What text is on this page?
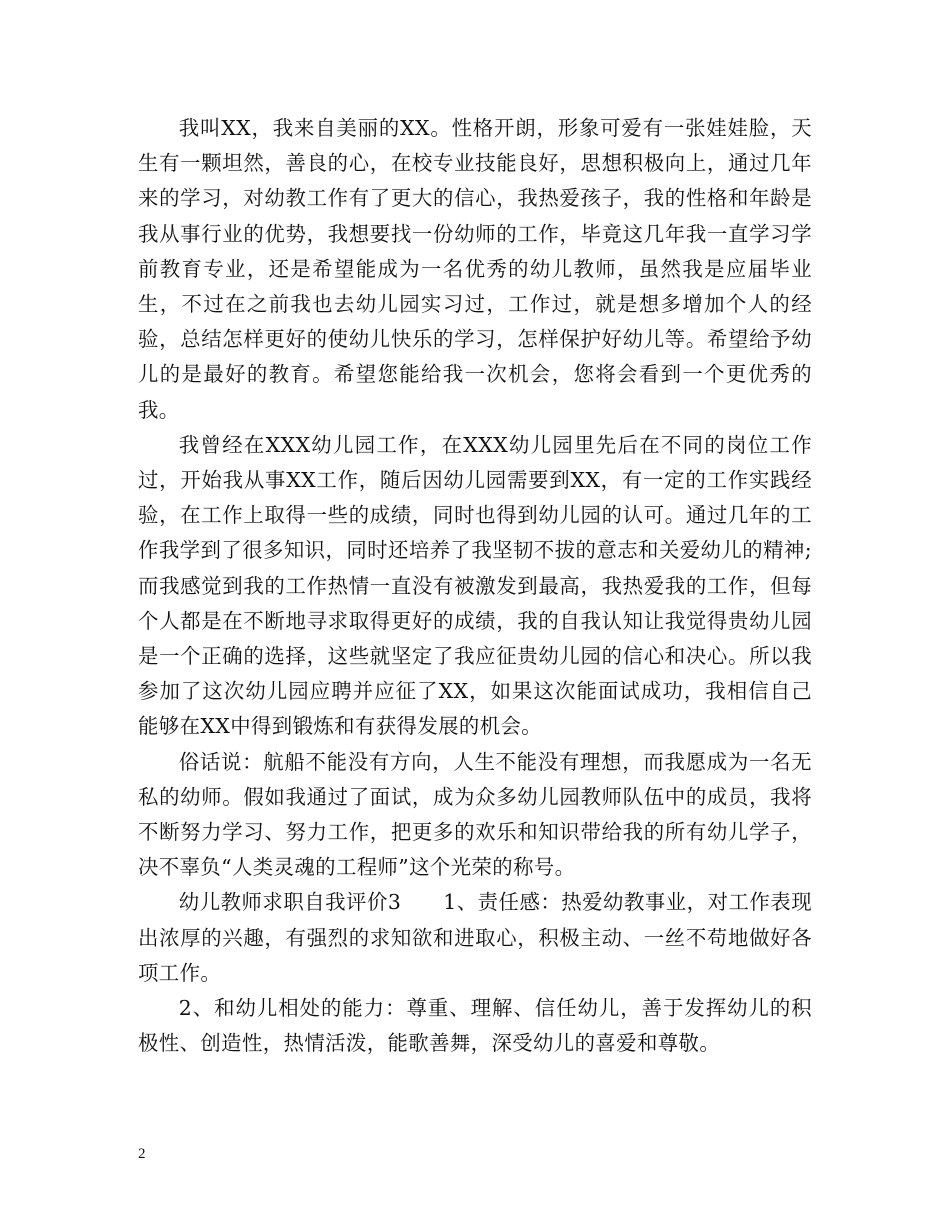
我叫XX，我来自美丽的XX。性格开朗，形象可爱有一张娃娃脸，天生有一颗坦然，善良的心，在校专业技能良好，思想积极向上，通过几年来的学习，对幼教工作有了更大的信心，我热爱孩子，我的性格和年龄是我从事行业的优势，我想要找一份幼师的工作，毕竟这几年我一直学习学前教育专业，还是希望能成为一名优秀的幼儿教师，虽然我是应届毕业生，不过在之前我也去幼儿园实习过，工作过，就是想多增加个人的经验，总结怎样更好的使幼儿快乐的学习，怎样保护好幼儿等。希望给予幼儿的是最好的教育。希望您能给我一次机会，您将会看到一个更优秀的我。

我曾经在XXX幼儿园工作，在XXX幼儿园里先后在不同的岗位工作过，开始我从事XX工作，随后因幼儿园需要到XX，有一定的工作实践经验，在工作上取得一些的成绩，同时也得到幼儿园的认可。通过几年的工作我学到了很多知识，同时还培养了我坚韧不拔的意志和关爱幼儿的精神;而我感觉到我的工作热情一直没有被激发到最高，我热爱我的工作，但每个人都是在不断地寻求取得更好的成绩，我的自我认知让我觉得贵幼儿园是一个正确的选择，这些就坚定了我应征贵幼儿园的信心和决心。所以我参加了这次幼儿园应聘并应征了XX，如果这次能面试成功，我相信自己能够在XX中得到锻炼和有获得发展的机会。

俗话说：航船不能没有方向，人生不能没有理想，而我愿成为一名无私的幼师。假如我通过了面试，成为众多幼儿园教师队伍中的成员，我将不断努力学习、努力工作，把更多的欢乐和知识带给我的所有幼儿学子，决不辜负“人类灵魂的工程师”这个光荣的称号。

幼儿教师求职自我评价3 1、责任感：热爱幼教事业，对工作表现出浓厚的兴趣，有强烈的求知欲和进取心，积极主动、一丝不苟地做好各项工作。

2、和幼儿相处的能力：尊重、理解、信任幼儿，善于发挥幼儿的积极性、创造性，热情活泼，能歌善舞，深受幼儿的喜爱和尊敬。

2
